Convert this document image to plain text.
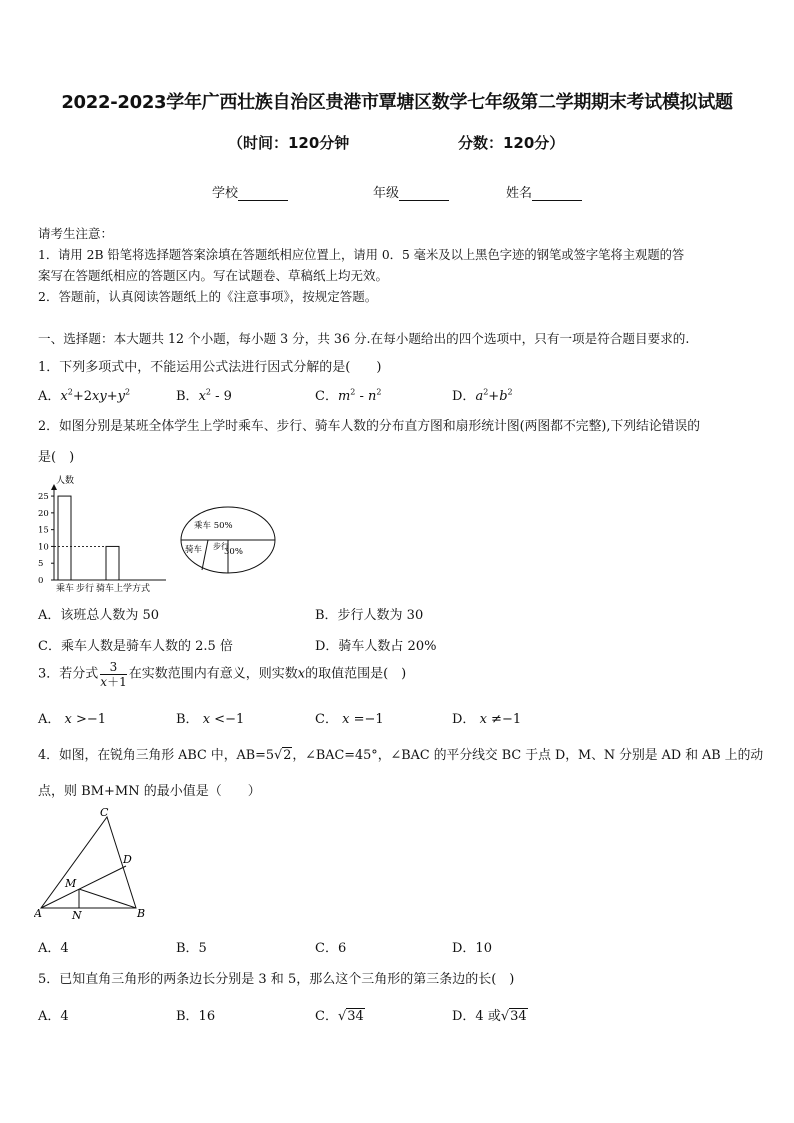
2022-2023学年广西壮族自治区贵港市覃塘区数学七年级第二学期期末考试模拟试题
（时间：120分钟	分数：120分）
学校	年级	姓名
请考生注意：
1．请用 2B 铅笔将选择题答案涂填在答题纸相应位置上，请用 0．5 毫米及以上黑色字迹的钢笔或签字笔将主观题的答
案写在答题纸相应的答题区内。写在试题卷、草稿纸上均无效。
2．答题前，认真阅读答题纸上的《注意事项》，按规定答题。
一、选择题：本大题共 12 个小题，每小题 3 分，共 36 分.在每小题给出的四个选项中，只有一项是符合题目要求的.
1．下列多项式中，不能运用公式法进行因式分解的是(　　)
A．$x^2+2xy+y^2$	B．$x^2 - 9$	C．$m^2 - n^2$	D．$a^2+b^2$
2．如图分别是某班全体学生上学时乘车、步行、骑车人数的分布直方图和扇形统计图(两图都不完整),下列结论错误的
是(　)
人数
0
5
10
15
20
25
乘车 步行 骑车上学方式
乘车 50%
骑车 步行
30%
A．该班总人数为 50	B．步行人数为 30
C．乘车人数是骑车人数的 2.5 倍	D．骑车人数占 20%
3．若分式 $\frac{3}{x+1}$ 在实数范围内有意义，则实数x的取值范围是(　)
A． x >−1	B． x <−1	C． x =−1	D． x ≠−1
4．如图，在锐角三角形 ABC 中，AB=5√2，∠BAC=45°，∠BAC 的平分线交 BC 于点 D，M、N 分别是 AD 和 AB 上的动
点，则 BM+MN 的最小值是（　　）
C
D
M
A	N	B
A．4	B．5	C．6	D．10
5．已知直角三角形的两条边长分别是 3 和 5，那么这个三角形的第三条边的长(　)
A．4	B．16	C．√34	D．4 或√34
